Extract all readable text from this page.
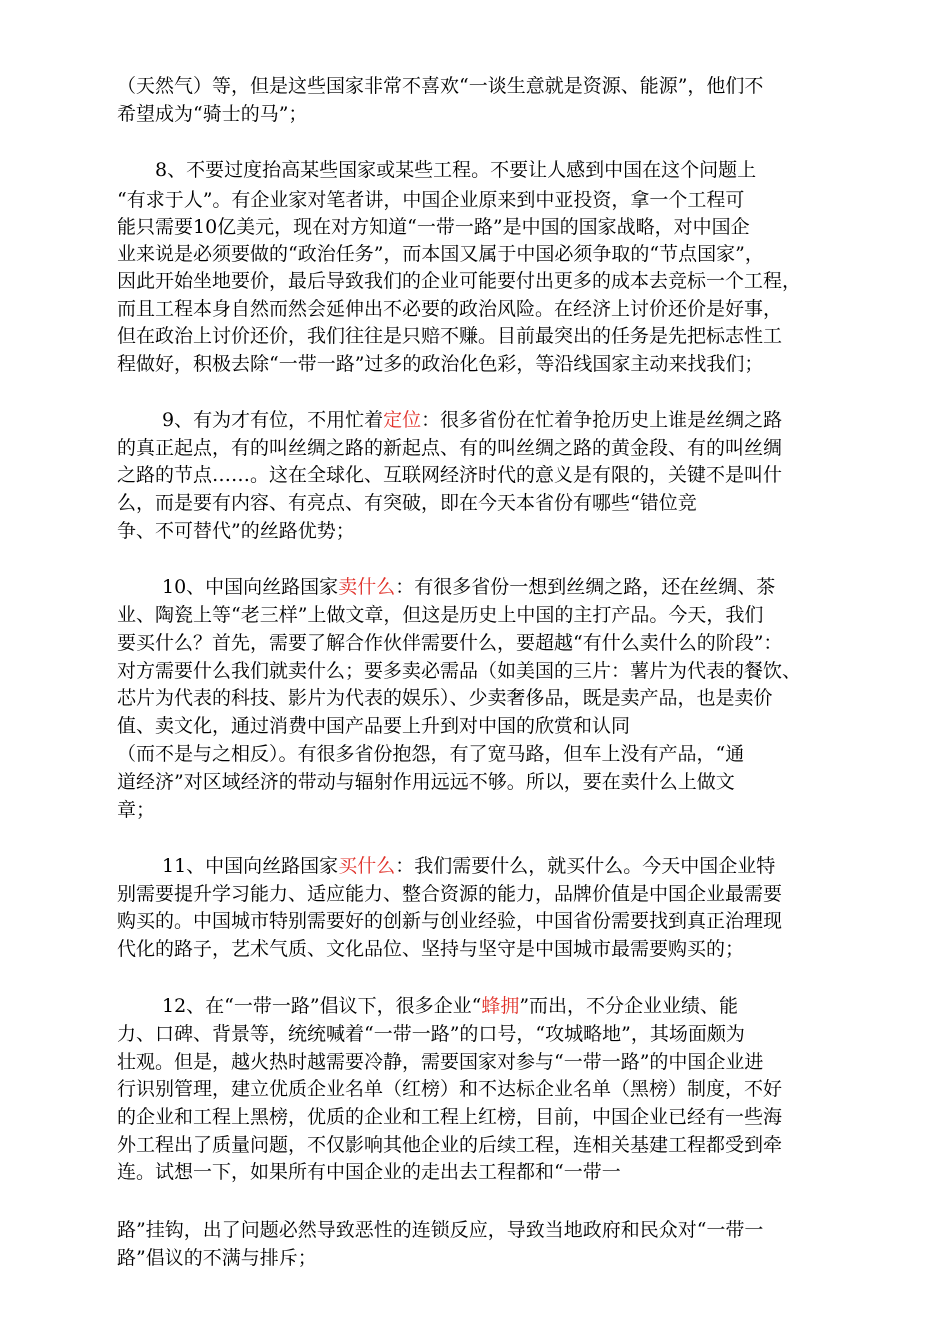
（天然气）等，但是这些国家非常不喜欢“一谈生意就是资源、能源”，他们不
希望成为“骑士的马”；
8、不要过度抬高某些国家或某些工程。不要让人感到中国在这个问题上
“有求于人”。有企业家对笔者讲，中国企业原来到中亚投资，拿一个工程可
能只需要10亿美元，现在对方知道“一带一路”是中国的国家战略，对中国企
业来说是必须要做的“政治任务”，而本国又属于中国必须争取的“节点国家”，
因此开始坐地要价，最后导致我们的企业可能要付出更多的成本去竞标一个工程，
而且工程本身自然而然会延伸出不必要的政治风险。在经济上讨价还价是好事，
但在政治上讨价还价，我们往往是只赔不赚。目前最突出的任务是先把标志性工
程做好，积极去除“一带一路”过多的政治化色彩，等沿线国家主动来找我们；
9、有为才有位，不用忙着定位：很多省份在忙着争抢历史上谁是丝绸之路
的真正起点，有的叫丝绸之路的新起点、有的叫丝绸之路的黄金段、有的叫丝绸
之路的节点……。这在全球化、互联网经济时代的意义是有限的，关键不是叫什
么，而是要有内容、有亮点、有突破，即在今天本省份有哪些“错位竞
争、不可替代”的丝路优势；
10、中国向丝路国家卖什么：有很多省份一想到丝绸之路，还在丝绸、茶
业、陶瓷上等“老三样”上做文章，但这是历史上中国的主打产品。今天，我们
要买什么？首先，需要了解合作伙伴需要什么，要超越“有什么卖什么的阶段”：
对方需要什么我们就卖什么；要多卖必需品（如美国的三片：薯片为代表的餐饮、
芯片为代表的科技、影片为代表的娱乐）、少卖奢侈品，既是卖产品，也是卖价
值、卖文化，通过消费中国产品要上升到对中国的欣赏和认同
（而不是与之相反）。有很多省份抱怨，有了宽马路，但车上没有产品，“通
道经济”对区域经济的带动与辐射作用远远不够。所以，要在卖什么上做文
章；
11、中国向丝路国家买什么：我们需要什么，就买什么。今天中国企业特
别需要提升学习能力、适应能力、整合资源的能力，品牌价值是中国企业最需要
购买的。中国城市特别需要好的创新与创业经验，中国省份需要找到真正治理现
代化的路子，艺术气质、文化品位、坚持与坚守是中国城市最需要购买的；
12、在“一带一路”倡议下，很多企业“蜂拥”而出，不分企业业绩、能
力、口碑、背景等，统统喊着“一带一路”的口号，“攻城略地”，其场面颇为
壮观。但是，越火热时越需要冷静，需要国家对参与“一带一路”的中国企业进
行识别管理，建立优质企业名单（红榜）和不达标企业名单（黑榜）制度，不好
的企业和工程上黑榜，优质的企业和工程上红榜，目前，中国企业已经有一些海
外工程出了质量问题，不仅影响其他企业的后续工程，连相关基建工程都受到牵
连。试想一下，如果所有中国企业的走出去工程都和“一带一
路”挂钩，出了问题必然导致恶性的连锁反应，导致当地政府和民众对“一带一
路”倡议的不满与排斥；
